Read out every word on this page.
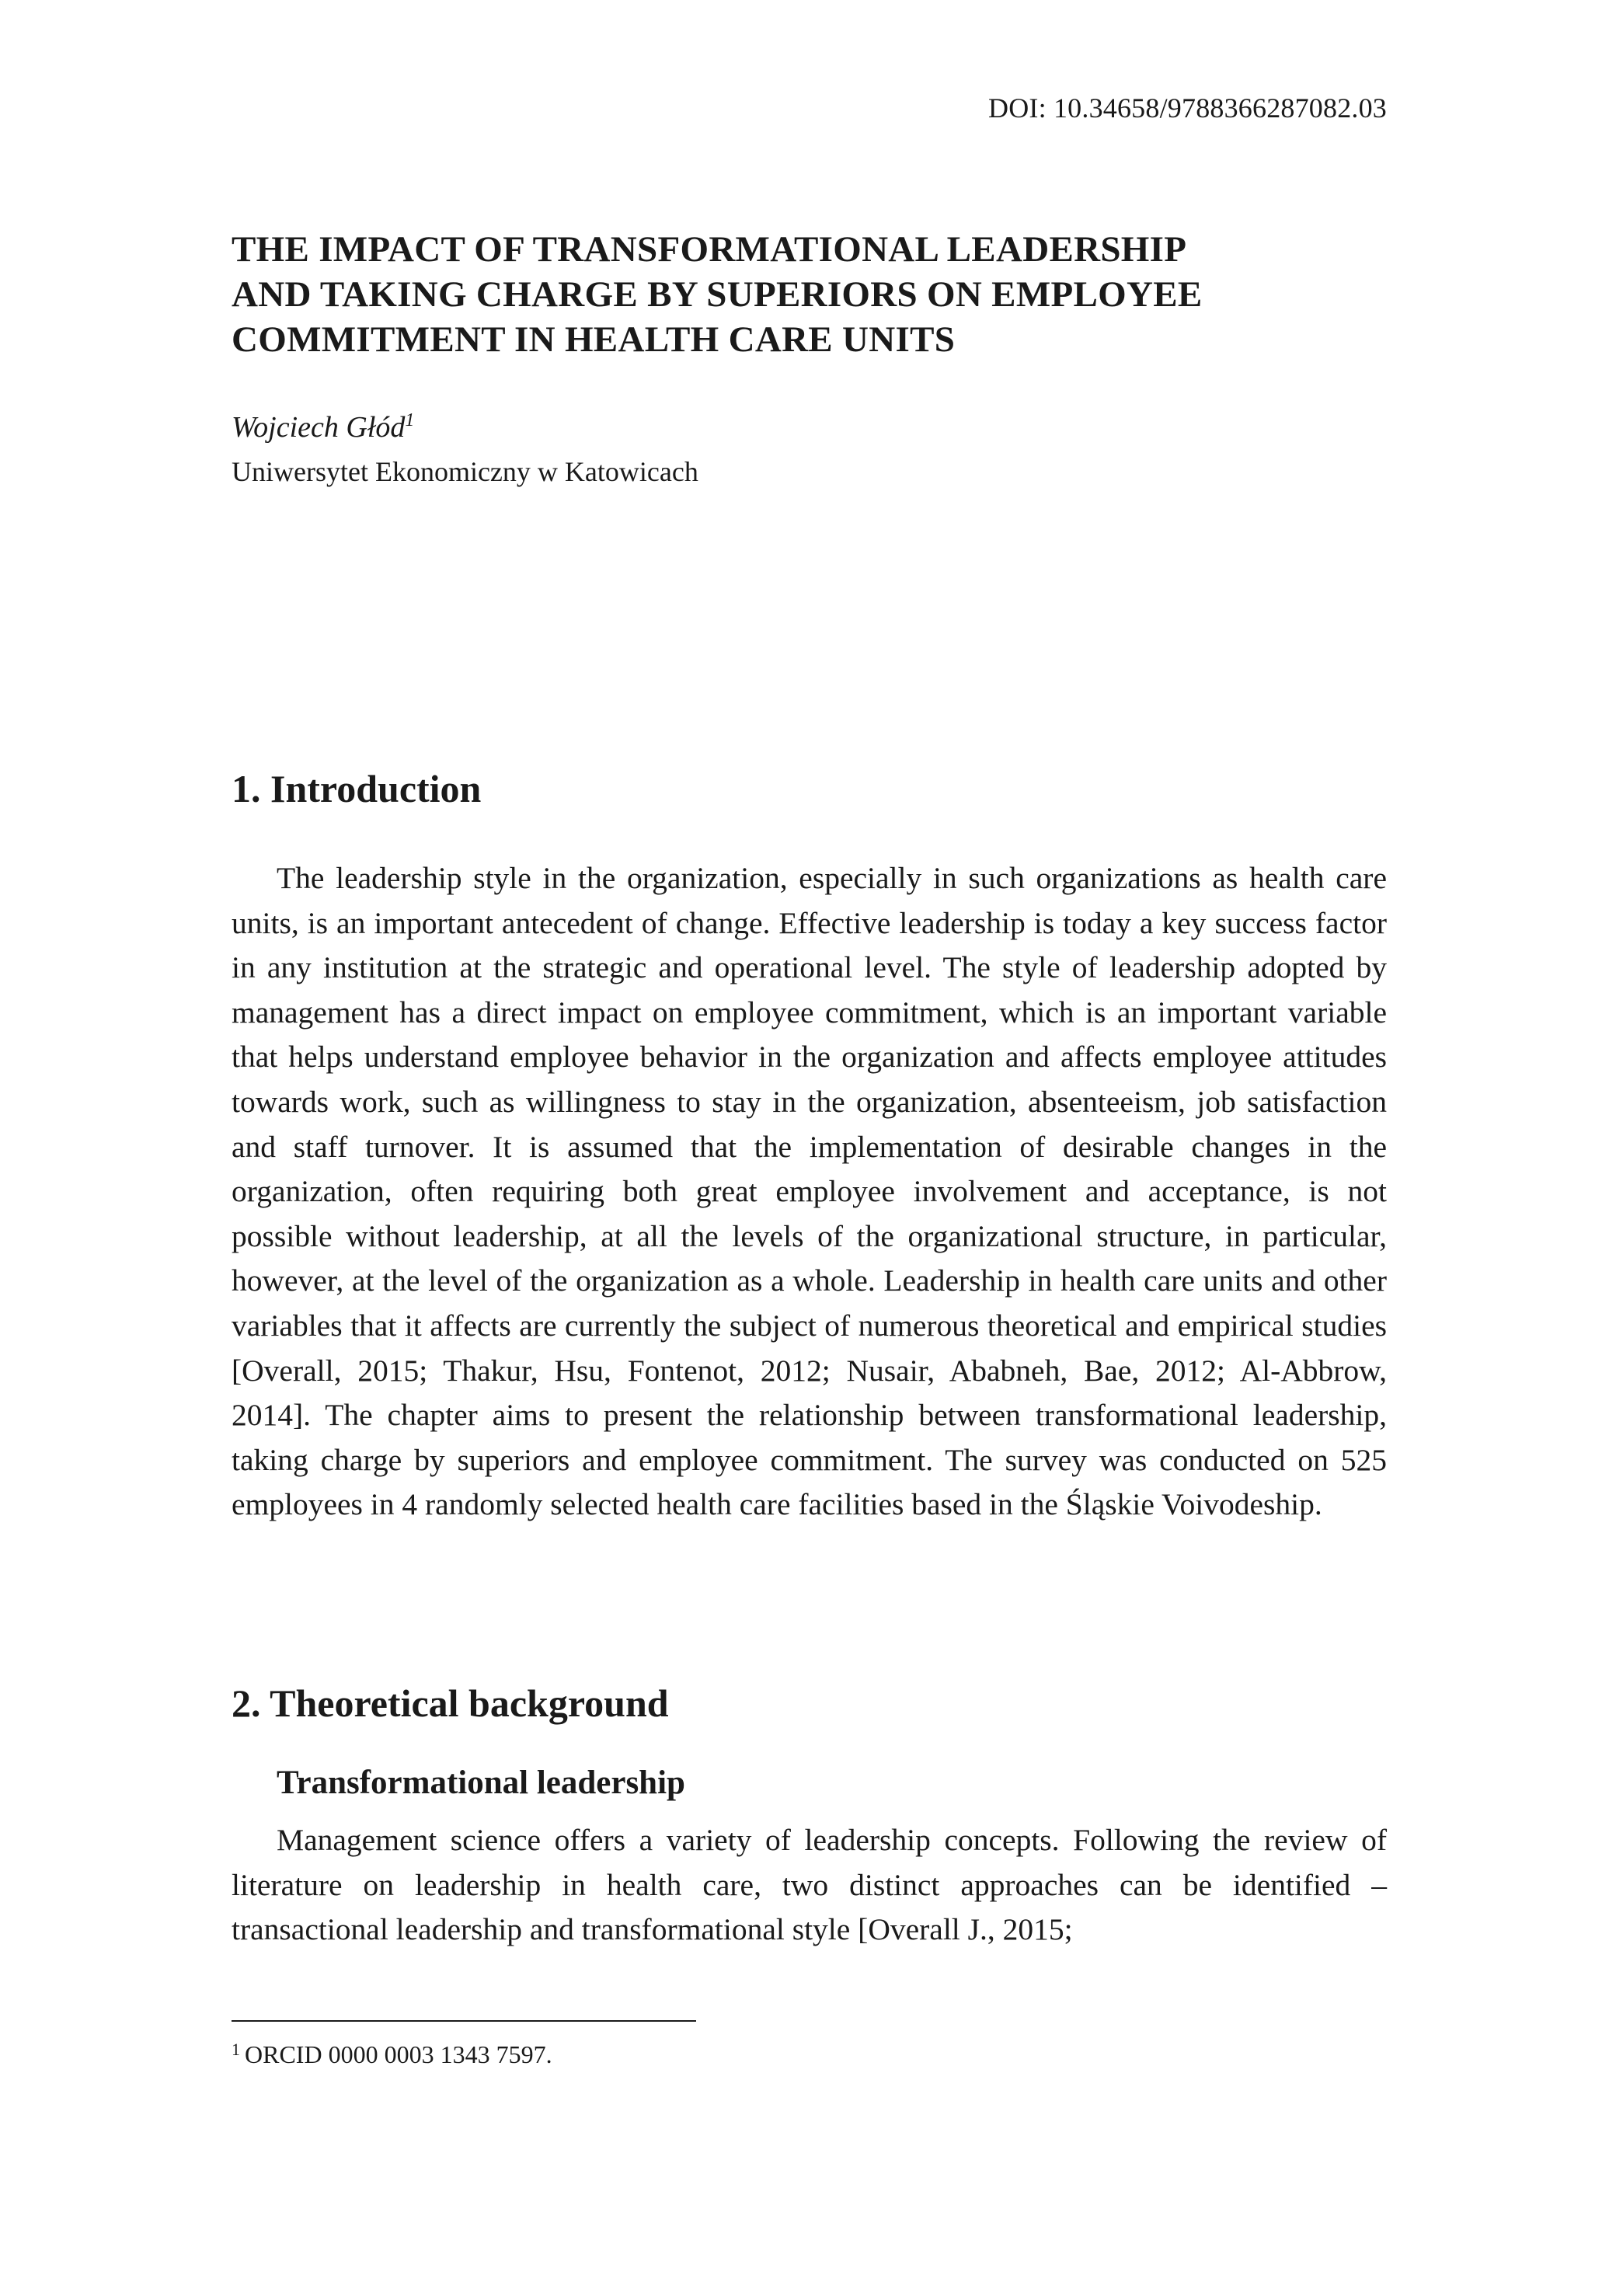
DOI: 10.34658/9788366287082.03
THE IMPACT OF TRANSFORMATIONAL LEADERSHIP
AND TAKING CHARGE BY SUPERIORS ON EMPLOYEE
COMMITMENT IN HEALTH CARE UNITS
Wojciech Głód$^1$
Uniwersytet Ekonomiczny w Katowicach
1. Introduction

The leadership style in the organization, especially in such organizations as health care units, is an important antecedent of change. Effective leadership is today a key success factor in any institution at the strategic and operational level. The style of leadership adopted by management has a direct impact on employee commitment, which is an important variable that helps understand employee behavior in the organization and affects employee attitudes towards work, such as willingness to stay in the organization, absenteeism, job satisfaction and staff turnover. It is assumed that the implementation of desirable changes in the organization, often requiring both great employee involvement and acceptance, is not possible without leadership, at all the levels of the organizational structure, in particular, however, at the level of the organization as a whole. Leadership in health care units and other variables that it affects are currently the subject of numerous theoretical and empirical studies [Overall, 2015; Thakur, Hsu, Fontenot, 2012; Nusair, Ababneh, Bae, 2012; Al-Abbrow, 2014]. The chapter aims to present the relationship between transformational leadership, taking charge by superiors and employee commitment. The survey was conducted on 525 employees in 4 randomly selected health care facilities based in the Śląskie Voivodeship.

2. Theoretical background
Transformational leadership

Management science offers a variety of leadership concepts. Following the review of literature on leadership in health care, two distinct approaches can be identified – transactional leadership and transformational style [Overall J., 2015;

$^1$ ORCID 0000 0003 1343 7597.
